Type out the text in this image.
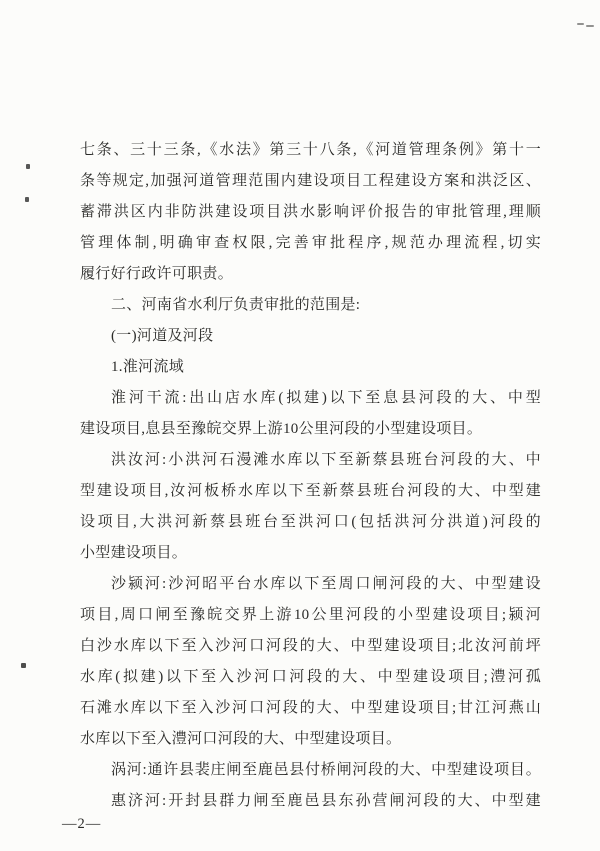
七条、三十三条,《水法》第三十八条,《河道管理条例》第十一
条等规定,加强河道管理范围内建设项目工程建设方案和洪泛区、
蓄滞洪区内非防洪建设项目洪水影响评价报告的审批管理,理顺
管理体制,明确审查权限,完善审批程序,规范办理流程,切实
履行好行政许可职责。
二、河南省水利厅负责审批的范围是:
(一)河道及河段
1.淮河流域
淮河干流:出山店水库(拟建)以下至息县河段的大、中型
建设项目,息县至豫皖交界上游10公里河段的小型建设项目。
洪汝河:小洪河石漫滩水库以下至新蔡县班台河段的大、中
型建设项目,汝河板桥水库以下至新蔡县班台河段的大、中型建
设项目,大洪河新蔡县班台至洪河口(包括洪河分洪道)河段的
小型建设项目。
沙颍河:沙河昭平台水库以下至周口闸河段的大、中型建设
项目,周口闸至豫皖交界上游10公里河段的小型建设项目;颍河
白沙水库以下至入沙河口河段的大、中型建设项目;北汝河前坪
水库(拟建)以下至入沙河口河段的大、中型建设项目;澧河孤
石滩水库以下至入沙河口河段的大、中型建设项目;甘江河燕山
水库以下至入澧河口河段的大、中型建设项目。
涡河:通许县裴庄闸至鹿邑县付桥闸河段的大、中型建设项目。
惠济河:开封县群力闸至鹿邑县东孙营闸河段的大、中型建
—2—
